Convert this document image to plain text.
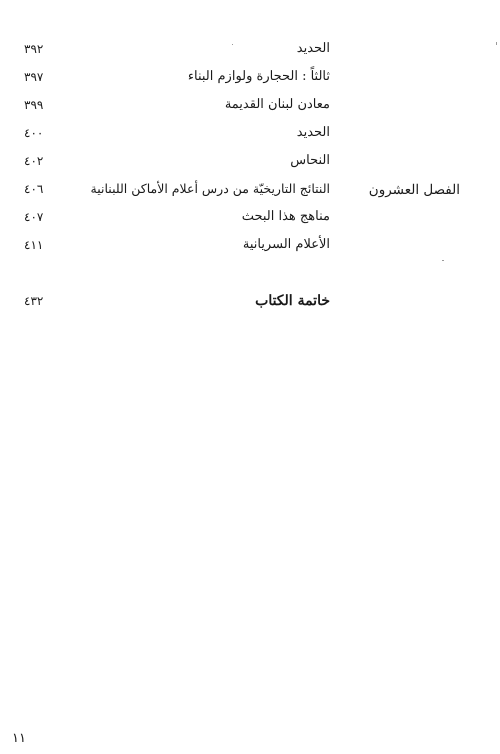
الحديد
٣٩٢
ثالثاً : الحجارة ولوازم البناء
٣٩٧
معادن لبنان القديمة
٣٩٩
الحديد
٤٠٠
النحاس
٤٠٢
النتائج التاريخيّة من درس أعلام الأماكن اللبنانية
٤٠٦
مناهج هذا البحث
٤٠٧
الأعلام السريانية
٤١١
الفصل العشرون
خاتمة الكتاب
٤٣٢
١١
